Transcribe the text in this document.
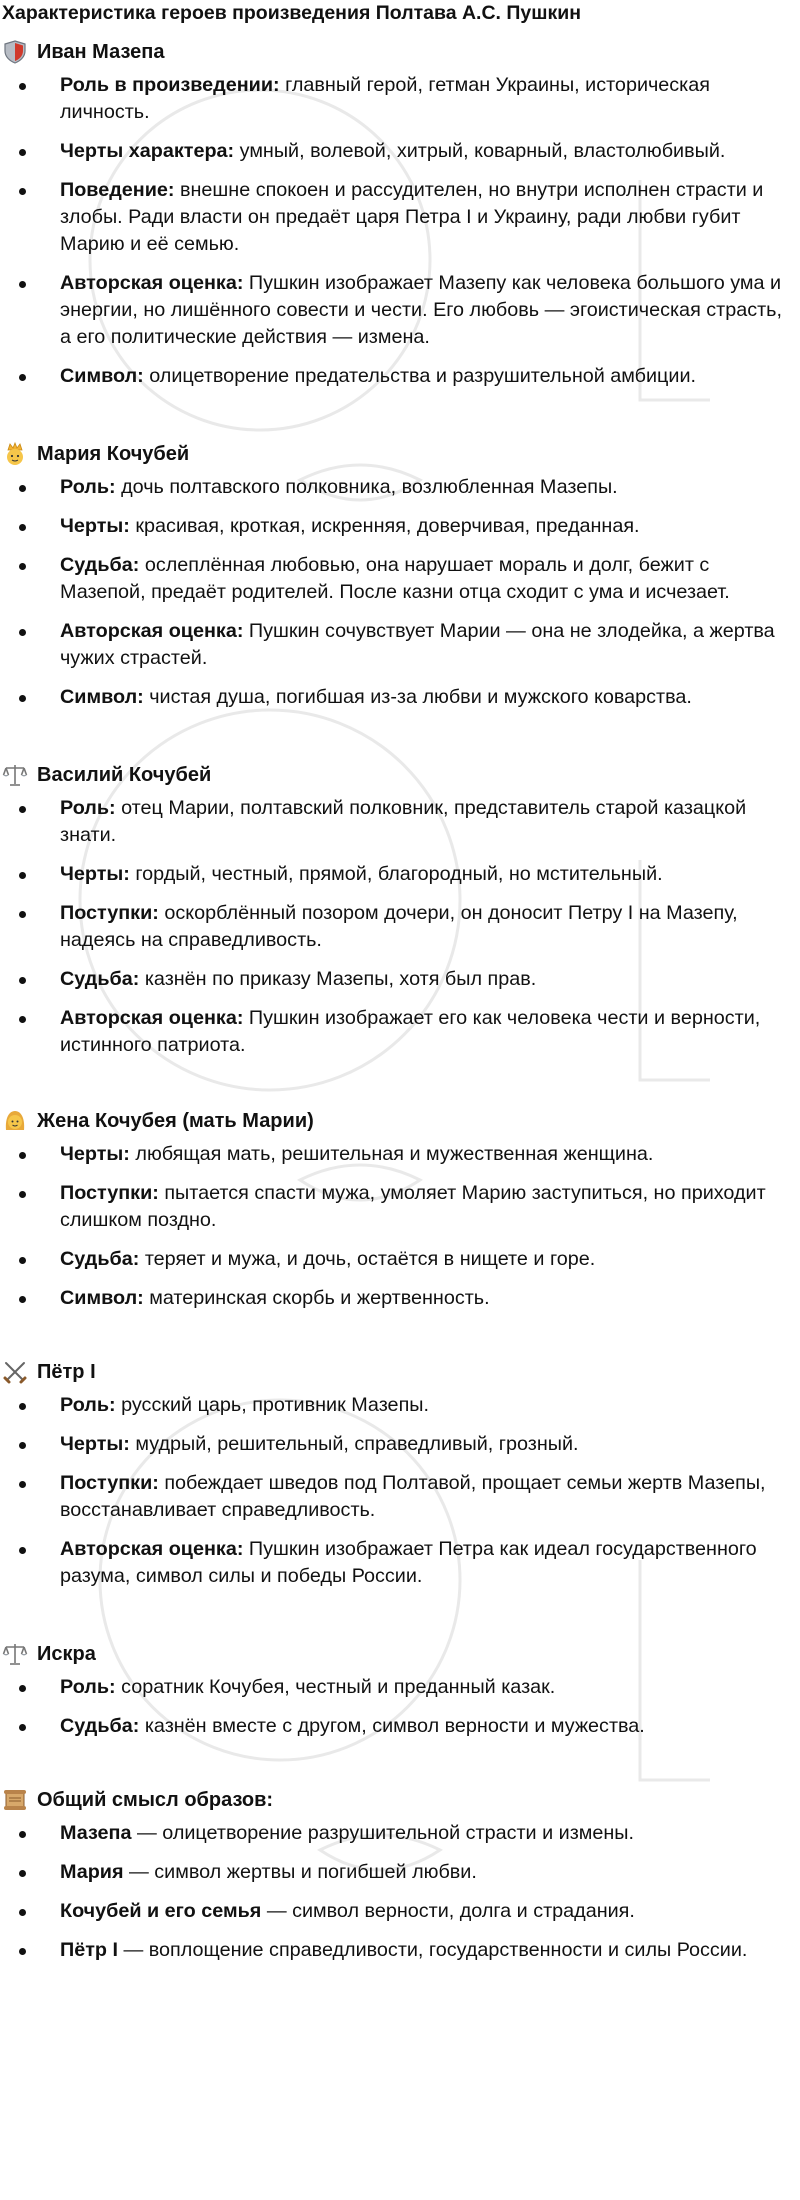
Характеристика героев произведения Полтава А.С. Пушкин
Иван Мазепа
Роль в произведении: главный герой, гетман Украины, историческая личность.
Черты характера: умный, волевой, хитрый, коварный, властолюбивый.
Поведение: внешне спокоен и рассудителен, но внутри исполнен страсти и злобы. Ради власти он предаёт царя Петра I и Украину, ради любви губит Марию и её семью.
Авторская оценка: Пушкин изображает Мазепу как человека большого ума и энергии, но лишённого совести и чести. Его любовь — эгоистическая страсть, а его политические действия — измена.
Символ: олицетворение предательства и разрушительной амбиции.
Мария Кочубей
Роль: дочь полтавского полковника, возлюбленная Мазепы.
Черты: красивая, кроткая, искренняя, доверчивая, преданная.
Судьба: ослеплённая любовью, она нарушает мораль и долг, бежит с Мазепой, предаёт родителей. После казни отца сходит с ума и исчезает.
Авторская оценка: Пушкин сочувствует Марии — она не злодейка, а жертва чужих страстей.
Символ: чистая душа, погибшая из-за любви и мужского коварства.
Василий Кочубей
Роль: отец Марии, полтавский полковник, представитель старой казацкой знати.
Черты: гордый, честный, прямой, благородный, но мстительный.
Поступки: оскорблённый позором дочери, он доносит Петру I на Мазепу, надеясь на справедливость.
Судьба: казнён по приказу Мазепы, хотя был прав.
Авторская оценка: Пушкин изображает его как человека чести и верности, истинного патриота.
Жена Кочубея (мать Марии)
Черты: любящая мать, решительная и мужественная женщина.
Поступки: пытается спасти мужа, умоляет Марию заступиться, но приходит слишком поздно.
Судьба: теряет и мужа, и дочь, остаётся в нищете и горе.
Символ: материнская скорбь и жертвенность.
Пётр I
Роль: русский царь, противник Мазепы.
Черты: мудрый, решительный, справедливый, грозный.
Поступки: побеждает шведов под Полтавой, прощает семьи жертв Мазепы, восстанавливает справедливость.
Авторская оценка: Пушкин изображает Петра как идеал государственного разума, символ силы и победы России.
Искра
Роль: соратник Кочубея, честный и преданный казак.
Судьба: казнён вместе с другом, символ верности и мужества.
Общий смысл образов:
Мазепа — олицетворение разрушительной страсти и измены.
Мария — символ жертвы и погибшей любви.
Кочубей и его семья — символ верности, долга и страдания.
Пётр I — воплощение справедливости, государственности и силы России.
